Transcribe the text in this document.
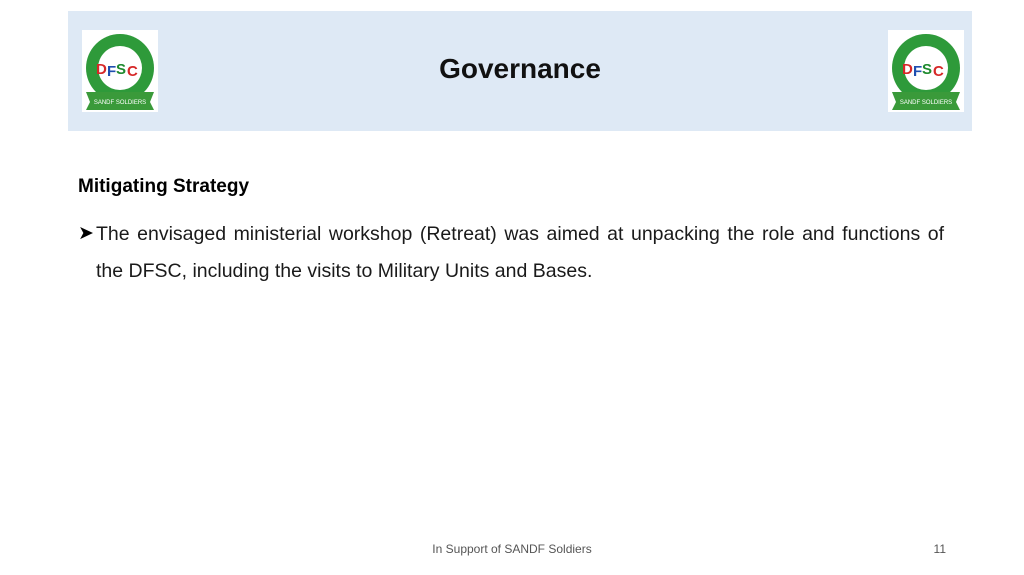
D F S C
SANDF SOLDIERS
Governance	D F S C
SANDF SOLDIERS
Mitigating Strategy
➤ The envisaged ministerial workshop (Retreat) was aimed at unpacking the role and functions of the DFSC, including the visits to Military Units and Bases.

In Support of SANDF Soldiers	11
